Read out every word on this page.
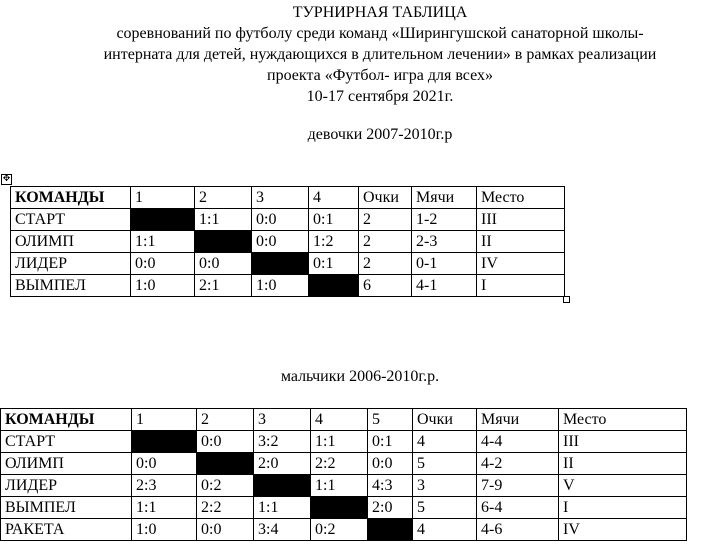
ТУРНИРНАЯ ТАБЛИЦА
соревнований по футболу среди команд «Ширингушской санаторной школы-
интерната для детей, нуждающихся в длительном лечении» в рамках реализации
проекта «Футбол- игра для всех»
10-17 сентября 2021г.
девочки 2007-2010г.р
✥
КОМАНДЫ	1	2	3	4	Очки	Мячи	Место
СТАРТ		1:1	0:0	0:1	2	1-2	III
ОЛИМП	1:1		0:0	1:2	2	2-3	II
ЛИДЕР	0:0	0:0		0:1	2	0-1	IV
ВЫМПЕЛ	1:0	2:1	1:0		6	4-1	I
мальчики 2006-2010г.р.
КОМАНДЫ	1	2	3	4	5	Очки	Мячи	Место
СТАРТ		0:0	3:2	1:1	0:1	4	4-4	III
ОЛИМП	0:0		2:0	2:2	0:0	5	4-2	II
ЛИДЕР	2:3	0:2		1:1	4:3	3	7-9	V
ВЫМПЕЛ	1:1	2:2	1:1		2:0	5	6-4	I
РАКЕТА	1:0	0:0	3:4	0:2		4	4-6	IV
